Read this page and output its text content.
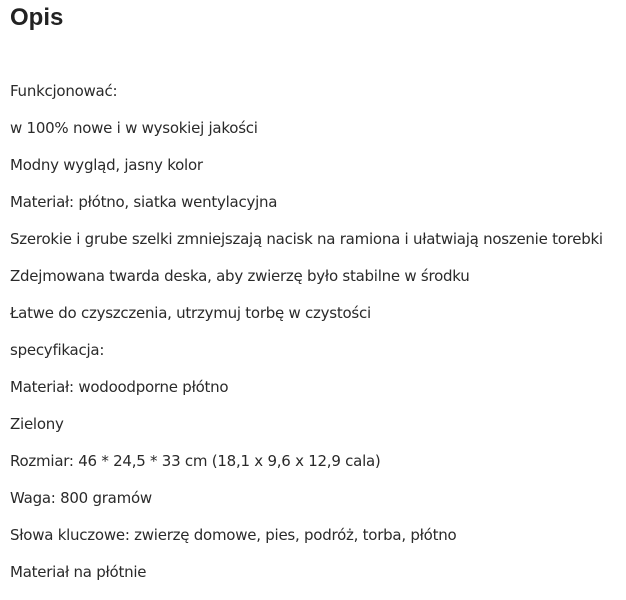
Opis

Funkcjonować:

w 100% nowe i w wysokiej jakości

Modny wygląd, jasny kolor

Materiał: płótno, siatka wentylacyjna

Szerokie i grube szelki zmniejszają nacisk na ramiona i ułatwiają noszenie torebki

Zdejmowana twarda deska, aby zwierzę było stabilne w środku

Łatwe do czyszczenia, utrzymuj torbę w czystości

specyfikacja:

Materiał: wodoodporne płótno

Zielony

Rozmiar: 46 * 24,5 * 33 cm (18,1 x 9,6 x 12,9 cala)

Waga: 800 gramów

Słowa kluczowe: zwierzę domowe, pies, podróż, torba, płótno

Materiał na płótnie
